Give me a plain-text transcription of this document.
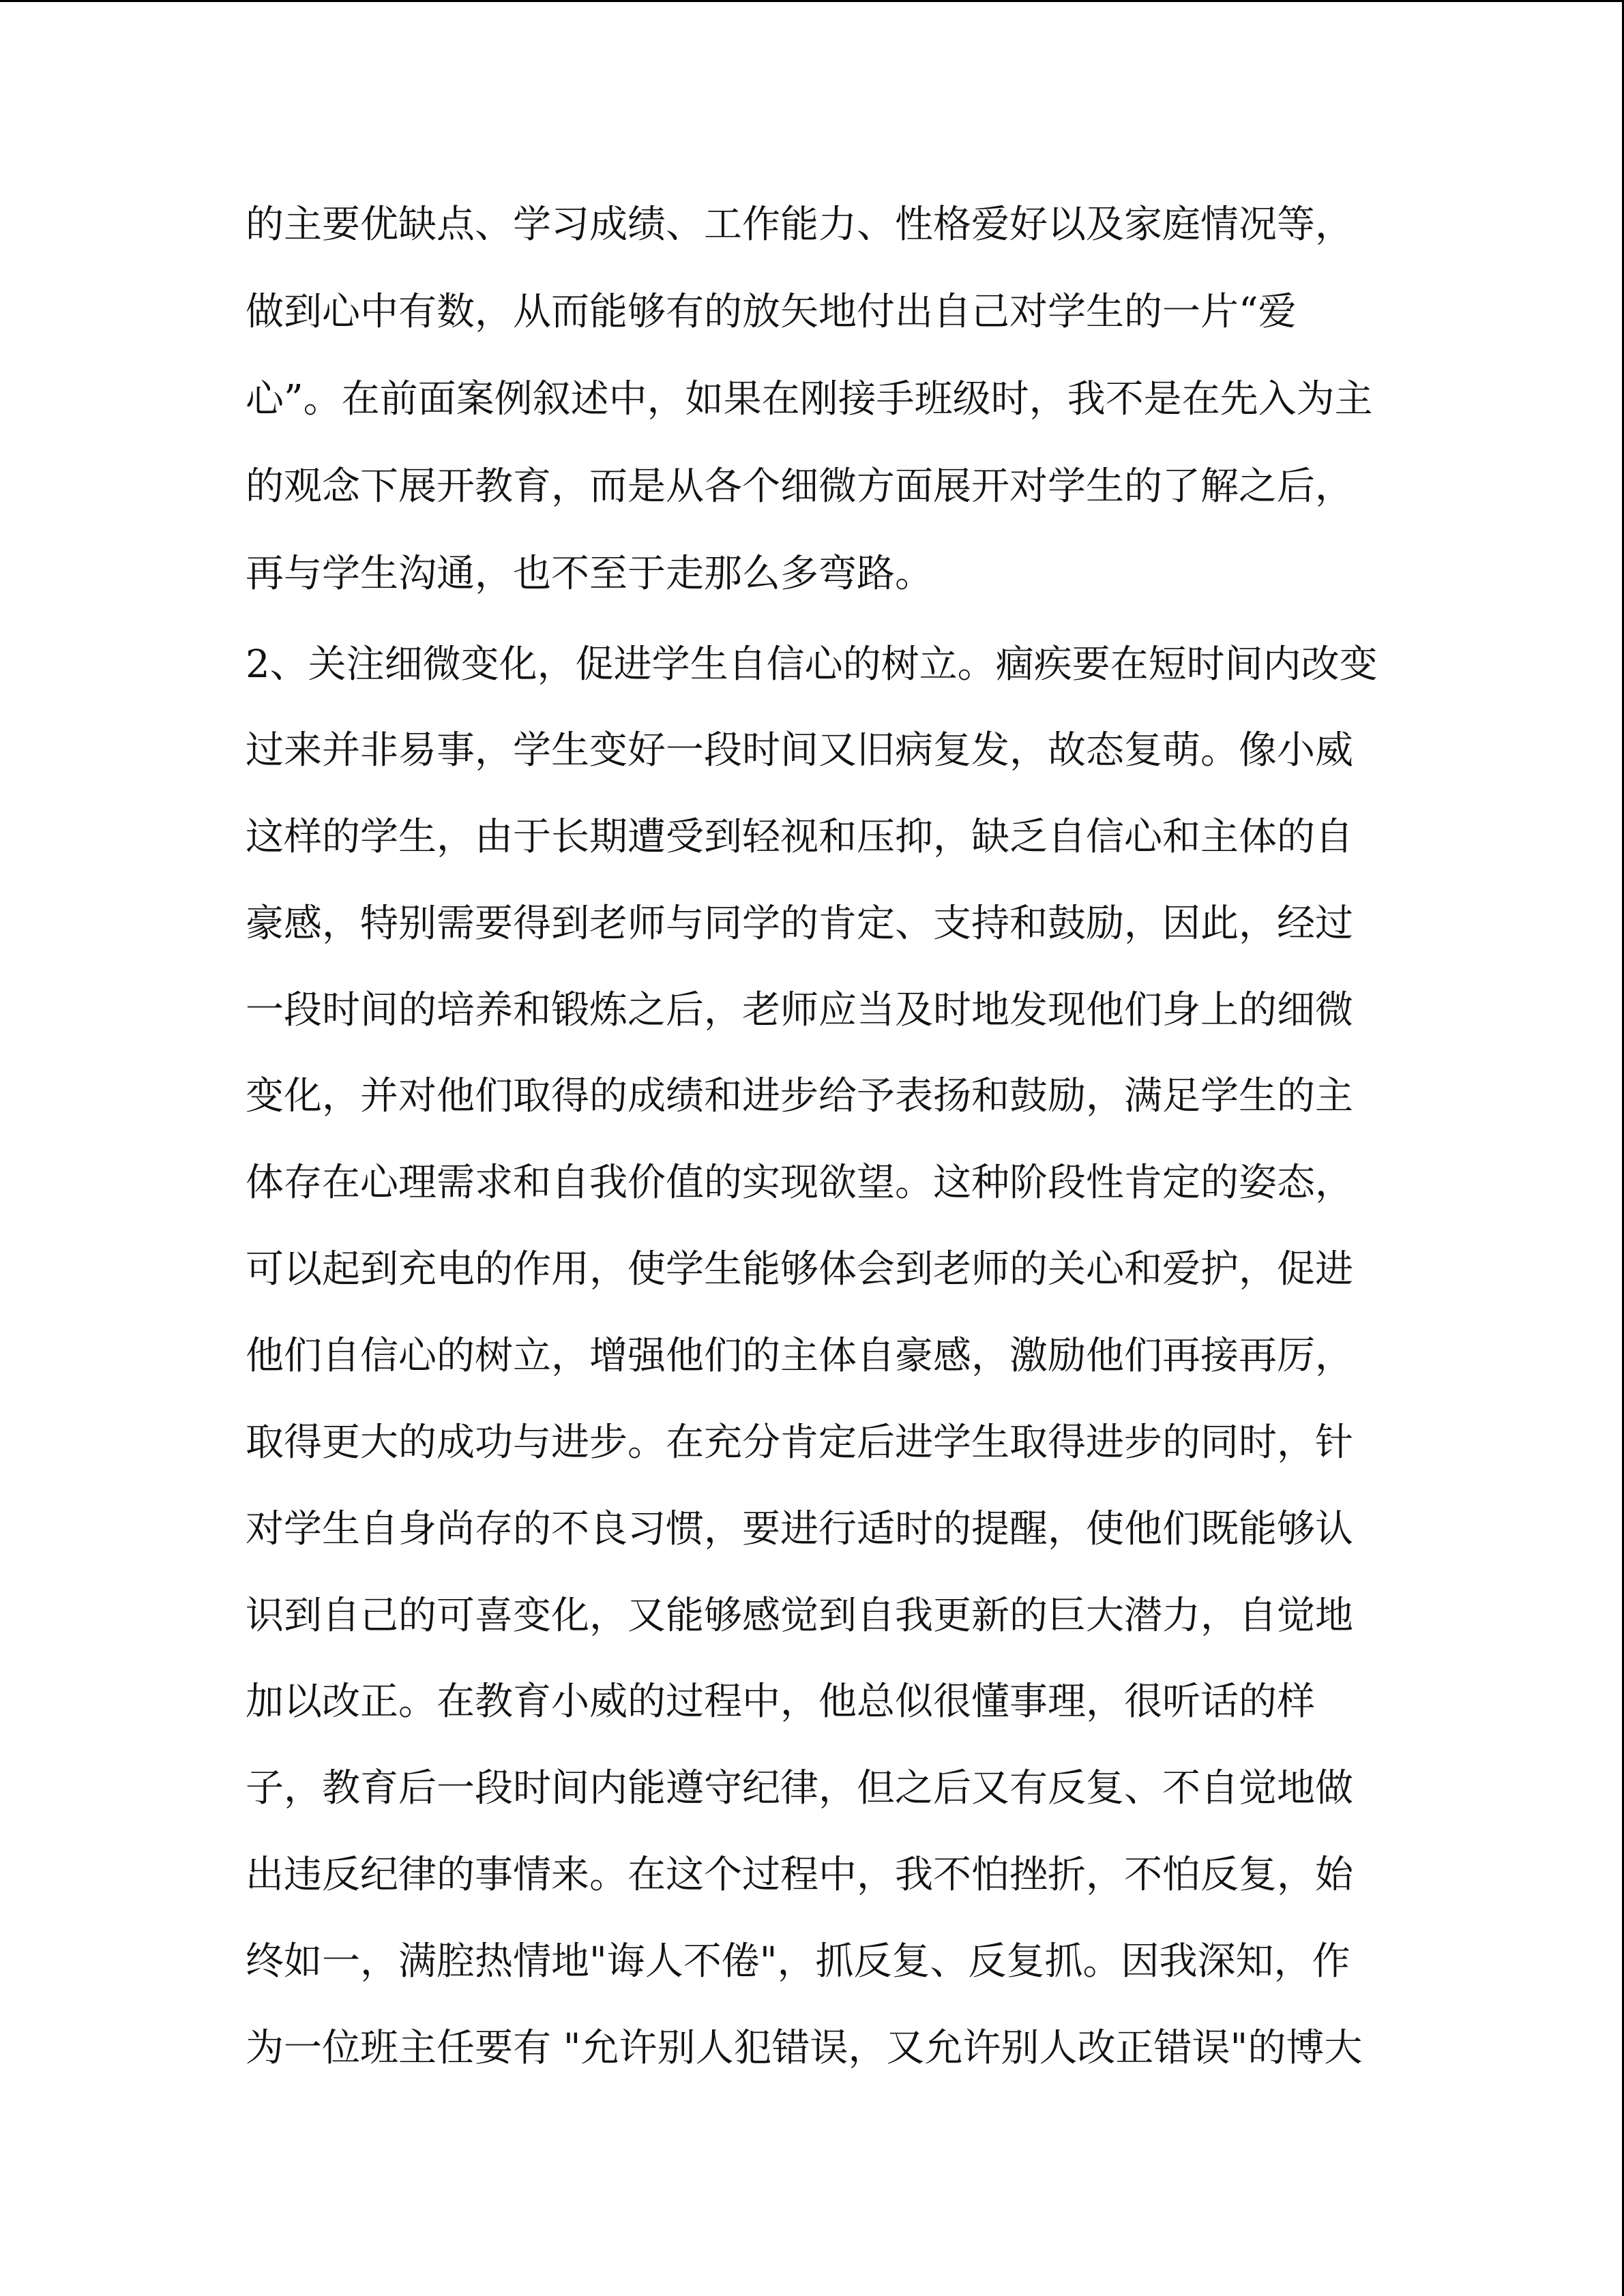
的主要优缺点、学习成绩、工作能力、性格爱好以及家庭情况等，
做到心中有数，从而能够有的放矢地付出自己对学生的一片“爱
心”。在前面案例叙述中，如果在刚接手班级时，我不是在先入为主
的观念下展开教育，而是从各个细微方面展开对学生的了解之后，
再与学生沟通，也不至于走那么多弯路。
2、关注细微变化，促进学生自信心的树立。痼疾要在短时间内改变
过来并非易事，学生变好一段时间又旧病复发，故态复萌。像小威
这样的学生，由于长期遭受到轻视和压抑，缺乏自信心和主体的自
豪感，特别需要得到老师与同学的肯定、支持和鼓励，因此，经过
一段时间的培养和锻炼之后，老师应当及时地发现他们身上的细微
变化，并对他们取得的成绩和进步给予表扬和鼓励，满足学生的主
体存在心理需求和自我价值的实现欲望。这种阶段性肯定的姿态，
可以起到充电的作用，使学生能够体会到老师的关心和爱护，促进
他们自信心的树立，增强他们的主体自豪感，激励他们再接再厉，
取得更大的成功与进步。在充分肯定后进学生取得进步的同时，针
对学生自身尚存的不良习惯，要进行适时的提醒，使他们既能够认
识到自己的可喜变化，又能够感觉到自我更新的巨大潜力，自觉地
加以改正。在教育小威的过程中，他总似很懂事理，很听话的样
子，教育后一段时间内能遵守纪律，但之后又有反复、不自觉地做
出违反纪律的事情来。在这个过程中，我不怕挫折，不怕反复，始
终如一，满腔热情地"诲人不倦"，抓反复、反复抓。因我深知，作
为一位班主任要有 "允许别人犯错误，又允许别人改正错误"的博大
